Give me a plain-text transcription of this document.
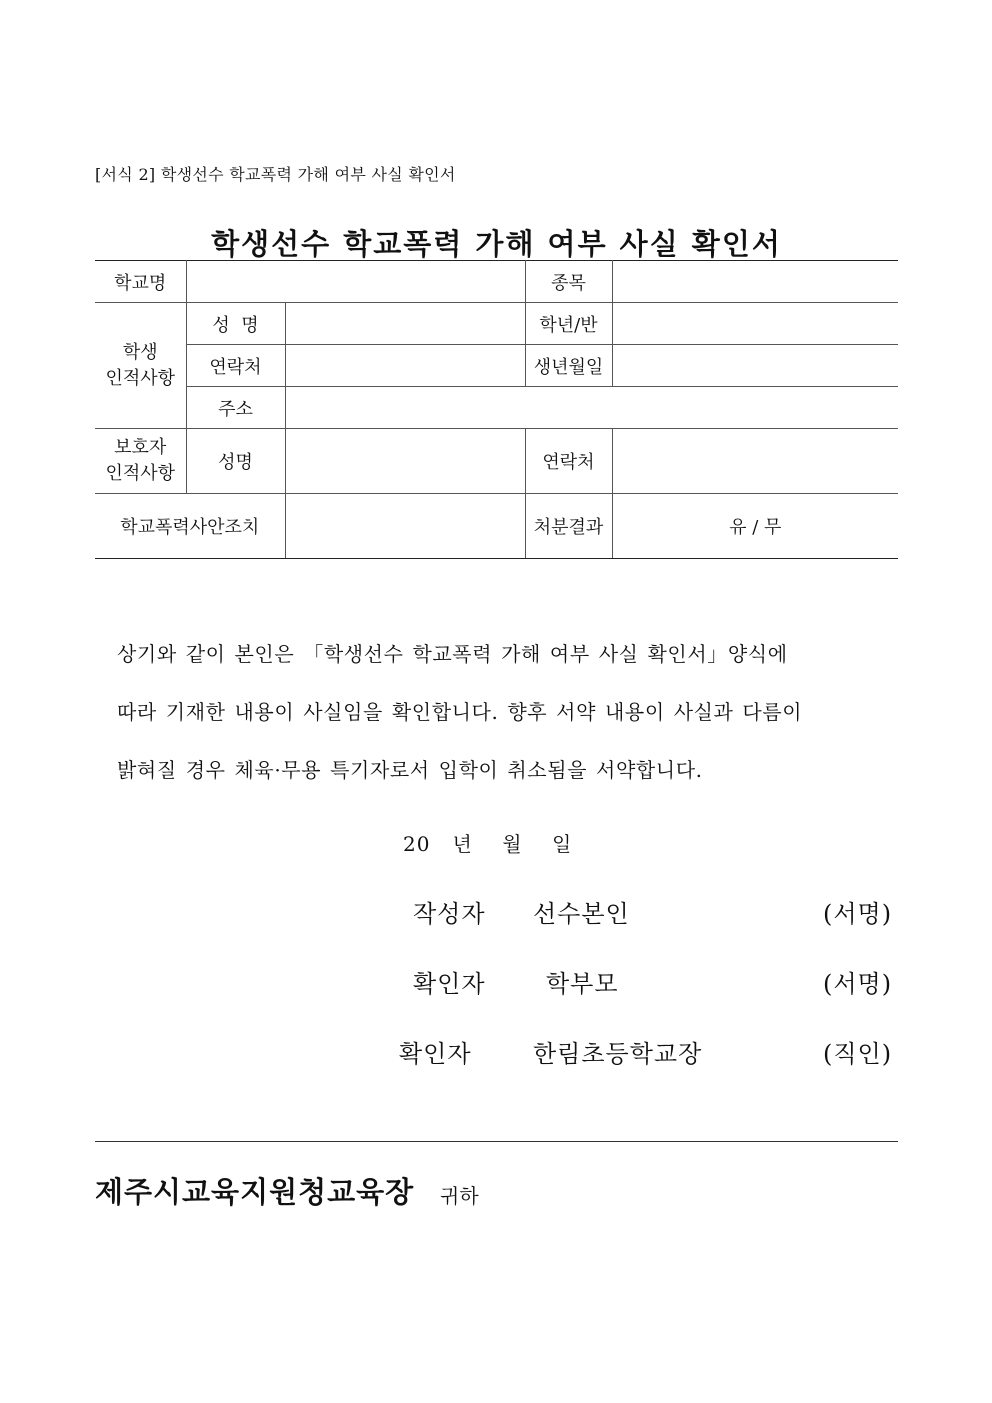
[서식 2] 학생선수 학교폭력 가해 여부 사실 확인서
학생선수 학교폭력 가해 여부 사실 확인서
학교명			종목	

학생
인적사항	성  명		학년/반	
	연락처		생년월일	
	주소			

보호자
인적사항	성명		연락처	
학교폭력사안조치			처분결과	유 / 무
상기와 같이 본인은 「학생선수 학교폭력 가해 여부 사실 확인서」양식에
따라 기재한 내용이 사실임을 확인합니다. 향후 서약 내용이 사실과 다름이
밝혀질 경우 체육·무용 특기자로서 입학이 취소됨을 서약합니다.
20   년    월    일
작성자 선수본인	(서명)
확인자	학부모	(서명)
확인자	한림초등학교장	(직인)
제주시교육지원청교육장 귀하
